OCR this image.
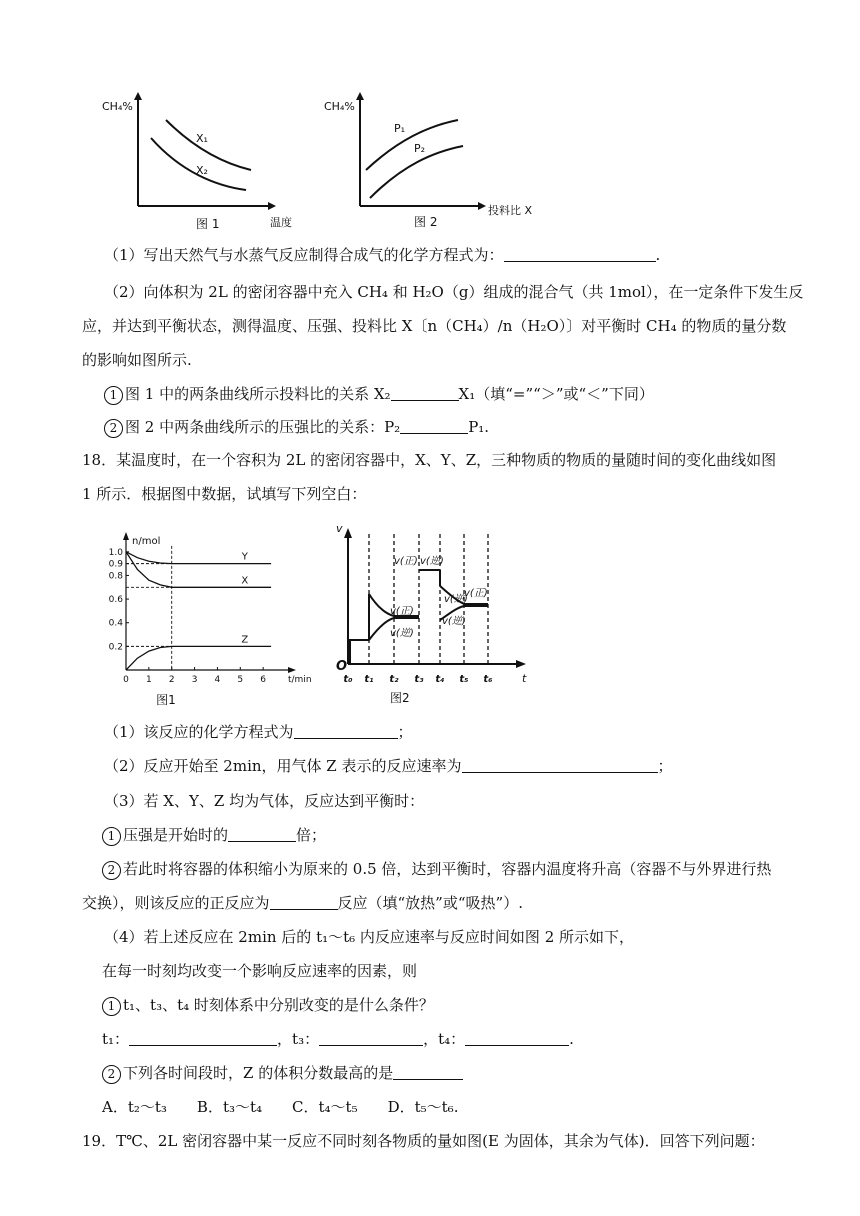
CH₄%
X₁
X₂
温度
图 1
CH₄%
P₁
P₂
投料比 X
图 2
（1）写出天然气与水蒸气反应制得合成气的化学方程式为：	.
（2）向体积为 2L 的密闭容器中充入 CH₄ 和 H₂O（g）组成的混合气（共 1mol），在一定条件下发生反
应，并达到平衡状态，测得温度、压强、投料比 X〔n（CH₄）/n（H₂O）〕对平衡时 CH₄ 的物质的量分数
的影响如图所示.
1 图 1 中的两条曲线所示投料比的关系 X₂	X₁（填“=”“＞”或“＜”下同）
2 图 2 中两条曲线所示的压强比的关系：P₂	P₁.
18．某温度时，在一个容积为 2L 的密闭容器中，X、Y、Z，三种物质的物质的量随时间的变化曲线如图
1 所示．根据图中数据，试填写下列空白：
0.2
0.4
0.6
0.8
0.9
1.0
0 1 2 3 4 5 6
Y
X
Z
n/mol
t/min
图1
v
t
O
v(正) v(逆)
v(正)
v(逆)
v(正)
v(逆)
v(逆)
t₀ t₁ t₂ t₃ t₄ t₅ t₆
图2
（1）该反应的化学方程式为	；
（2）反应开始至 2min，用气体 Z 表示的反应速率为	；
（3）若 X、Y、Z 均为气体，反应达到平衡时：
1 压强是开始时的	倍；
2 若此时将容器的体积缩小为原来的 0.5 倍，达到平衡时，容器内温度将升高（容器不与外界进行热
交换），则该反应的正反应为	反应（填“放热”或“吸热”）.
（4）若上述反应在 2min 后的 t₁～t₆ 内反应速率与反应时间如图 2 所示如下，
在每一时刻均改变一个影响反应速率的因素，则
1 t₁、t₃、t₄ 时刻体系中分别改变的是什么条件？
t₁：	，t₃：	，t₄：	.
2 下列各时间段时，Z 的体积分数最高的是
A．t₂～t₃　　B．t₃～t₄　　C．t₄～t₅　　D．t₅～t₆.
19．T℃、2L 密闭容器中某一反应不同时刻各物质的量如图(E 为固体，其余为气体)．回答下列问题：
